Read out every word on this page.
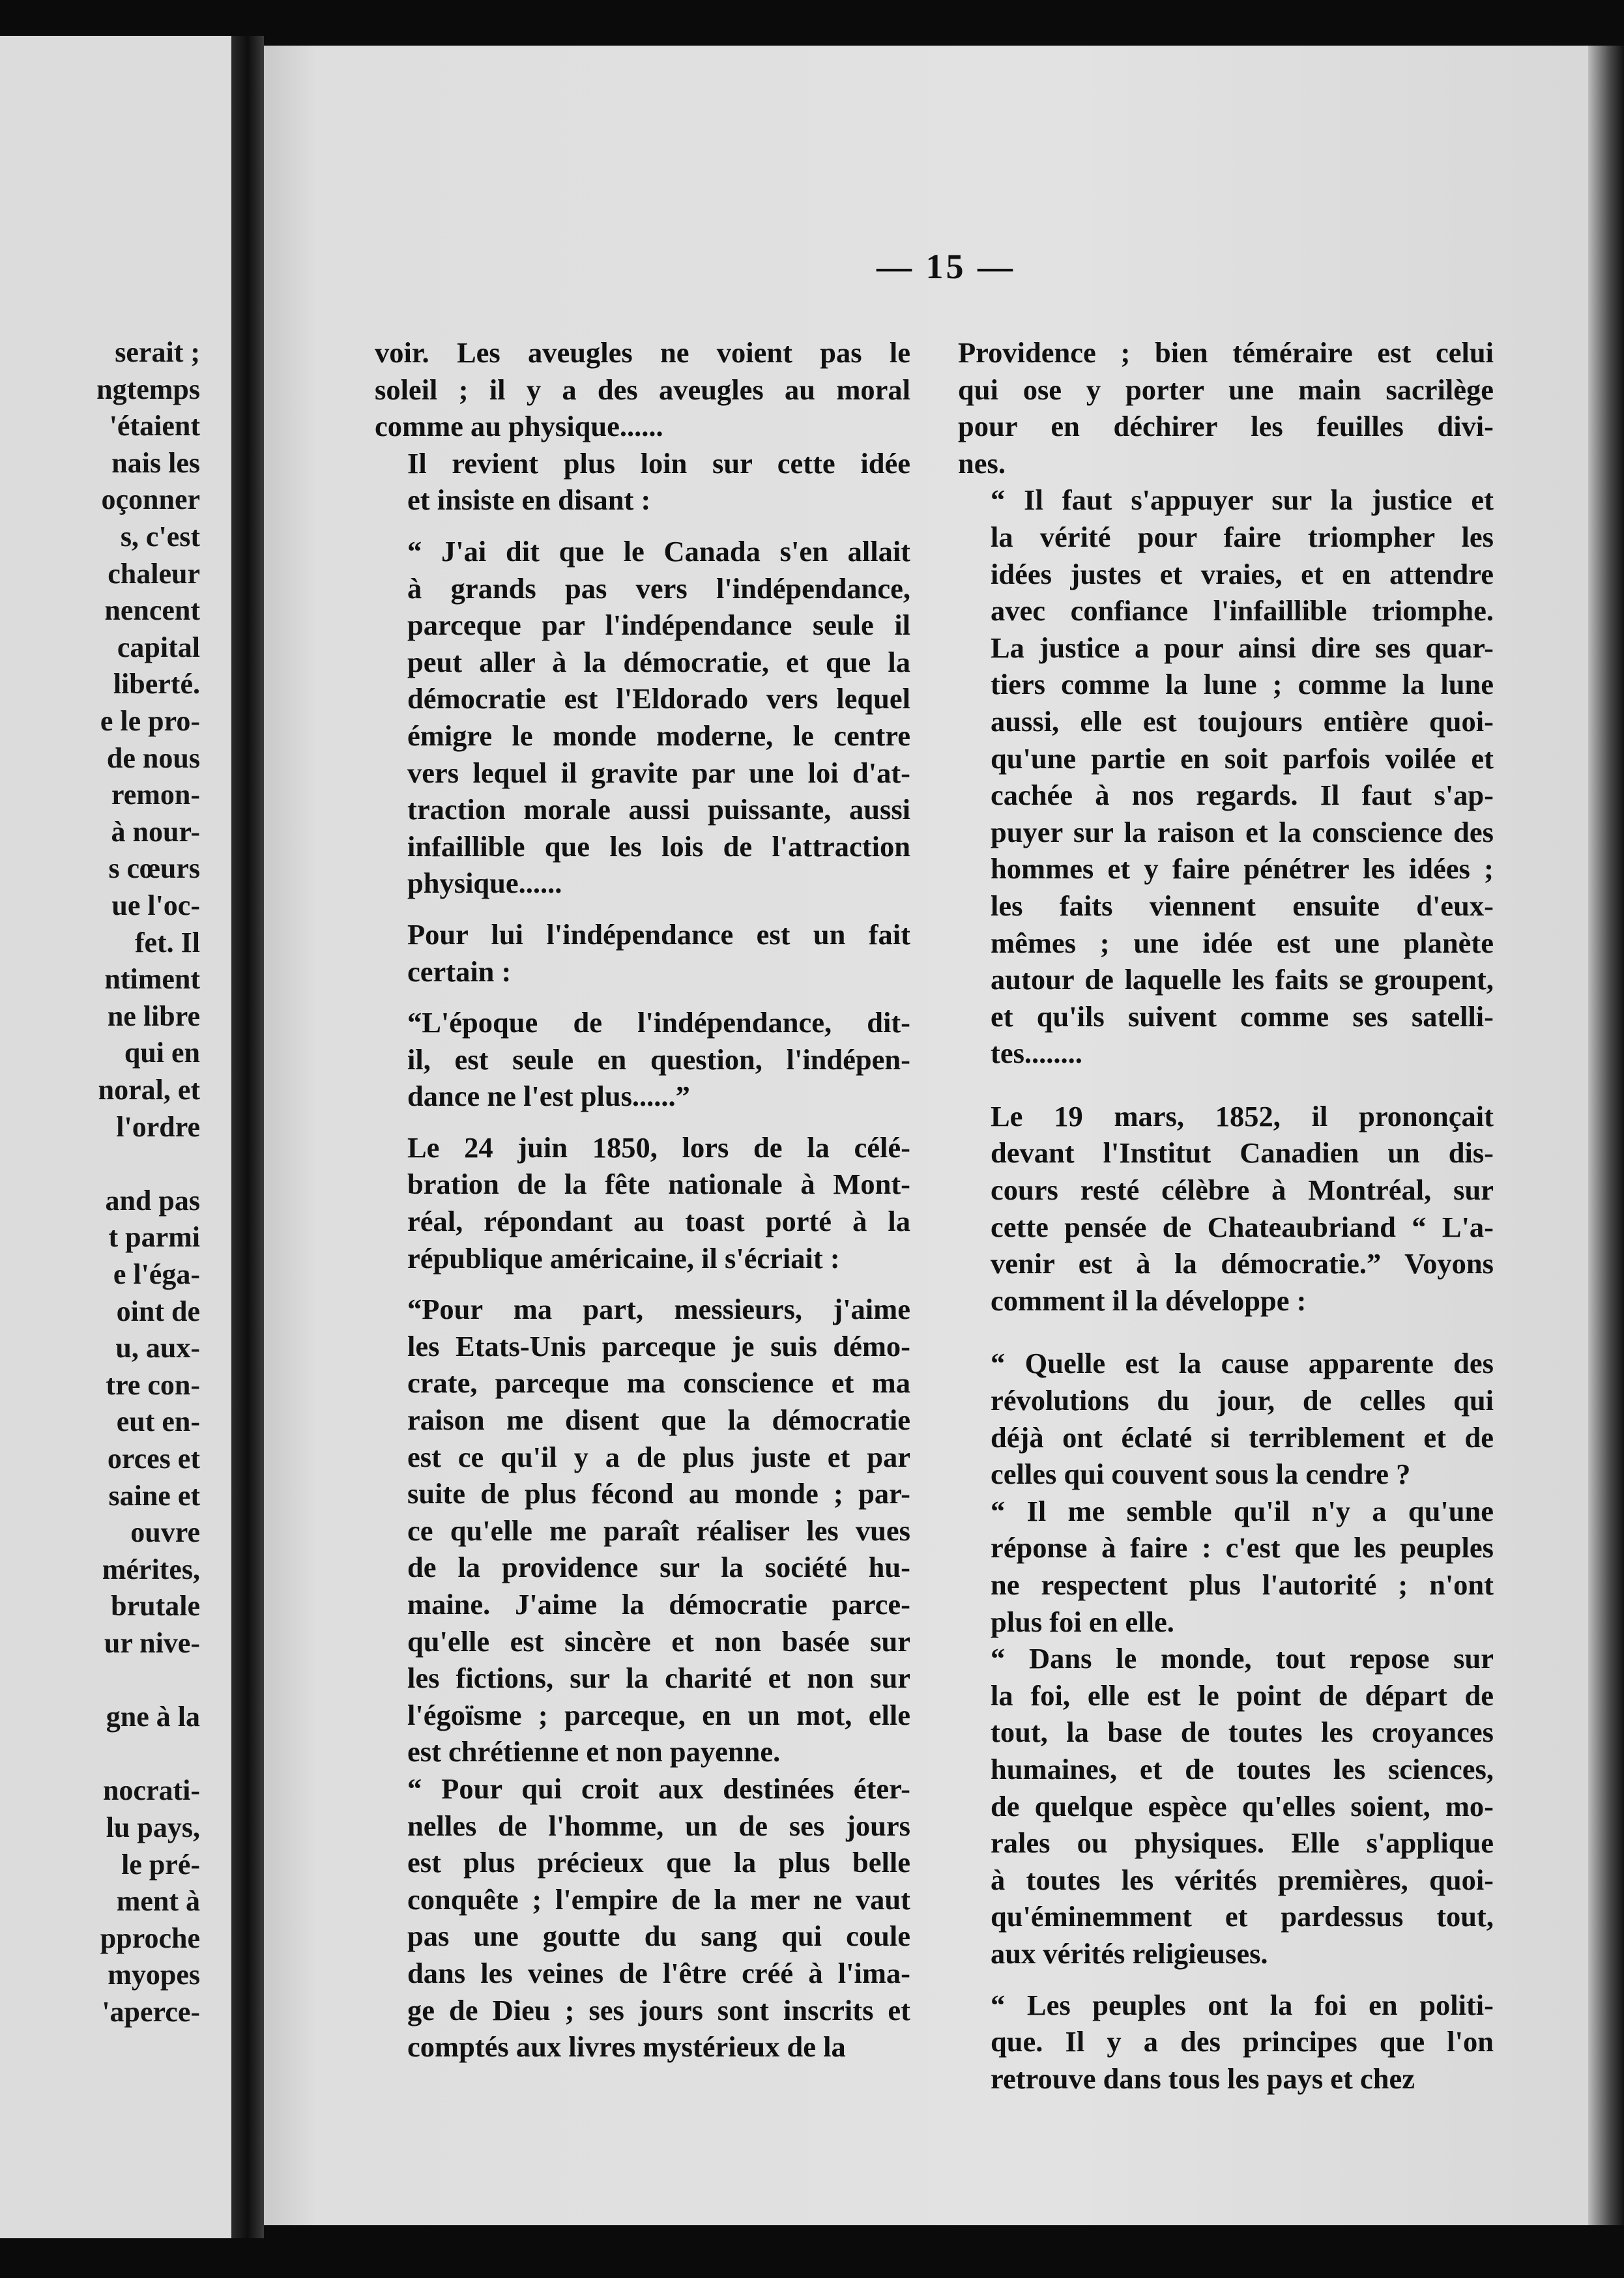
serait ;
ngtemps
'étaient
nais les
oçonner
s, c'est
chaleur
nencent
capital
liberté.
e le pro-
de nous
remon-
à nour-
s cœurs
ue l'oc-
fet. Il
ntiment
ne libre
qui en
noral, et
l'ordre
and pas
t parmi
e l'éga-
oint de
u, aux-
tre con-
eut en-
orces et
saine et
ouvre
mérites,
brutale
ur nive-
gne à la
nocrati-
lu pays,
le pré-
ment à
pproche
myopes
'aperce-
— 15 —

voir. Les aveugles ne voient pas le
soleil ; il y a des aveugles au moral
comme au physique......

Il revient plus loin sur cette idée
et insiste en disant :

“ J'ai dit que le Canada s'en allait
à grands pas vers l'indépendance,
parceque par l'indépendance seule il
peut aller à la démocratie, et que la
démocratie est l'Eldorado vers lequel
émigre le monde moderne, le centre
vers lequel il gravite par une loi d'at-
traction morale aussi puissante, aussi
infaillible que les lois de l'attraction
physique......

Pour lui l'indépendance est un fait
certain :

“L'époque de l'indépendance, dit-
il, est seule en question, l'indépen-
dance ne l'est plus......”

Le 24 juin 1850, lors de la célé-
bration de la fête nationale à Mont-
réal, répondant au toast porté à la
république américaine, il s'écriait :

“Pour ma part, messieurs, j'aime
les Etats-Unis parceque je suis démo-
crate, parceque ma conscience et ma
raison me disent que la démocratie
est ce qu'il y a de plus juste et par
suite de plus fécond au monde ; par-
ce qu'elle me paraît réaliser les vues
de la providence sur la société hu-
maine. J'aime la démocratie parce-
qu'elle est sincère et non basée sur
les fictions, sur la charité et non sur
l'égoïsme ; parceque, en un mot, elle
est chrétienne et non payenne.

“ Pour qui croit aux destinées éter-
nelles de l'homme, un de ses jours
est plus précieux que la plus belle
conquête ; l'empire de la mer ne vaut
pas une goutte du sang qui coule
dans les veines de l'être créé à l'ima-
ge de Dieu ; ses jours sont inscrits et
comptés aux livres mystérieux de la

Providence ; bien téméraire est celui
qui ose y porter une main sacrilège
pour en déchirer les feuilles divi-
nes.

“ Il faut s'appuyer sur la justice et
la vérité pour faire triompher les
idées justes et vraies, et en attendre
avec confiance l'infaillible triomphe.
La justice a pour ainsi dire ses quar-
tiers comme la lune ; comme la lune
aussi, elle est toujours entière quoi-
qu'une partie en soit parfois voilée et
cachée à nos regards. Il faut s'ap-
puyer sur la raison et la conscience des
hommes et y faire pénétrer les idées ;
les faits viennent ensuite d'eux-
mêmes ; une idée est une planète
autour de laquelle les faits se groupent,
et qu'ils suivent comme ses satelli-
tes........

Le 19 mars, 1852, il prononçait
devant l'Institut Canadien un dis-
cours resté célèbre à Montréal, sur
cette pensée de Chateaubriand “ L'a-
venir est à la démocratie.” Voyons
comment il la développe :

“ Quelle est la cause apparente des
révolutions du jour, de celles qui
déjà ont éclaté si terriblement et de
celles qui couvent sous la cendre ?

“ Il me semble qu'il n'y a qu'une
réponse à faire : c'est que les peuples
ne respectent plus l'autorité ; n'ont
plus foi en elle.

“ Dans le monde, tout repose sur
la foi, elle est le point de départ de
tout, la base de toutes les croyances
humaines, et de toutes les sciences,
de quelque espèce qu'elles soient, mo-
rales ou physiques. Elle s'applique
à toutes les vérités premières, quoi-
qu'éminemment et pardessus tout,
aux vérités religieuses.

“ Les peuples ont la foi en politi-
que. Il y a des principes que l'on
retrouve dans tous les pays et chez
